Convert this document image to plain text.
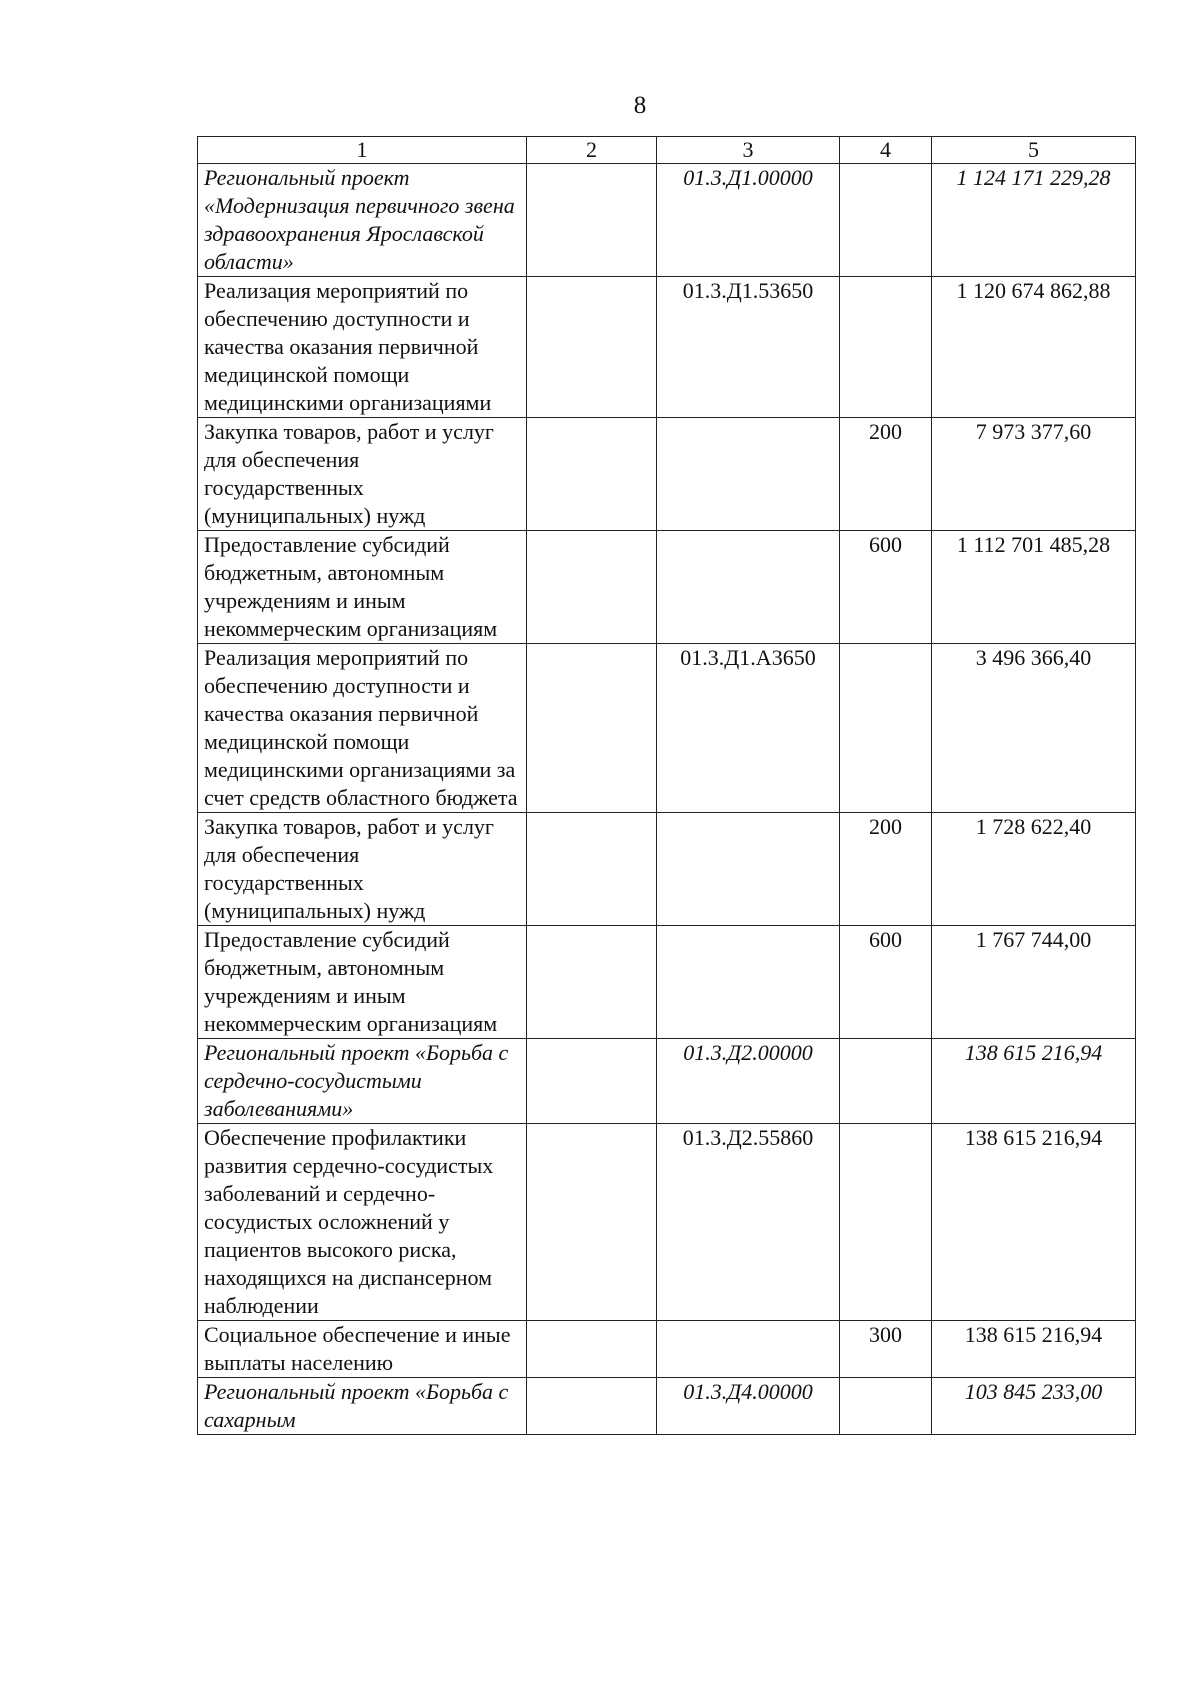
8
1	2	3	4	5
Региональный проект «Модернизация первичного звена здравоохранения Ярославской области»		01.3.Д1.00000		1 124 171 229,28
Реализация мероприятий по обеспечению доступности и качества оказания первичной медицинской помощи медицинскими организациями		01.3.Д1.53650		1 120 674 862,88
Закупка товаров, работ и услуг для обеспечения государственных (муниципальных) нужд			200	7 973 377,60
Предоставление субсидий бюджетным, автономным учреждениям и иным некоммерческим организациям			600	1 112 701 485,28
Реализация мероприятий по обеспечению доступности и качества оказания первичной медицинской помощи медицинскими организациями за счет средств областного бюджета		01.3.Д1.А3650		3 496 366,40
Закупка товаров, работ и услуг для обеспечения государственных (муниципальных) нужд			200	1 728 622,40
Предоставление субсидий бюджетным, автономным учреждениям и иным некоммерческим организациям			600	1 767 744,00
Региональный проект «Борьба с сердечно-сосудистыми заболеваниями»		01.3.Д2.00000		138 615 216,94
Обеспечение профилактики развития сердечно-сосудистых заболеваний и сердечно-сосудистых осложнений у пациентов высокого риска, находящихся на диспансерном наблюдении		01.3.Д2.55860		138 615 216,94
Социальное обеспечение и иные выплаты населению			300	138 615 216,94
Региональный проект «Борьба с сахарным		01.3.Д4.00000		103 845 233,00
